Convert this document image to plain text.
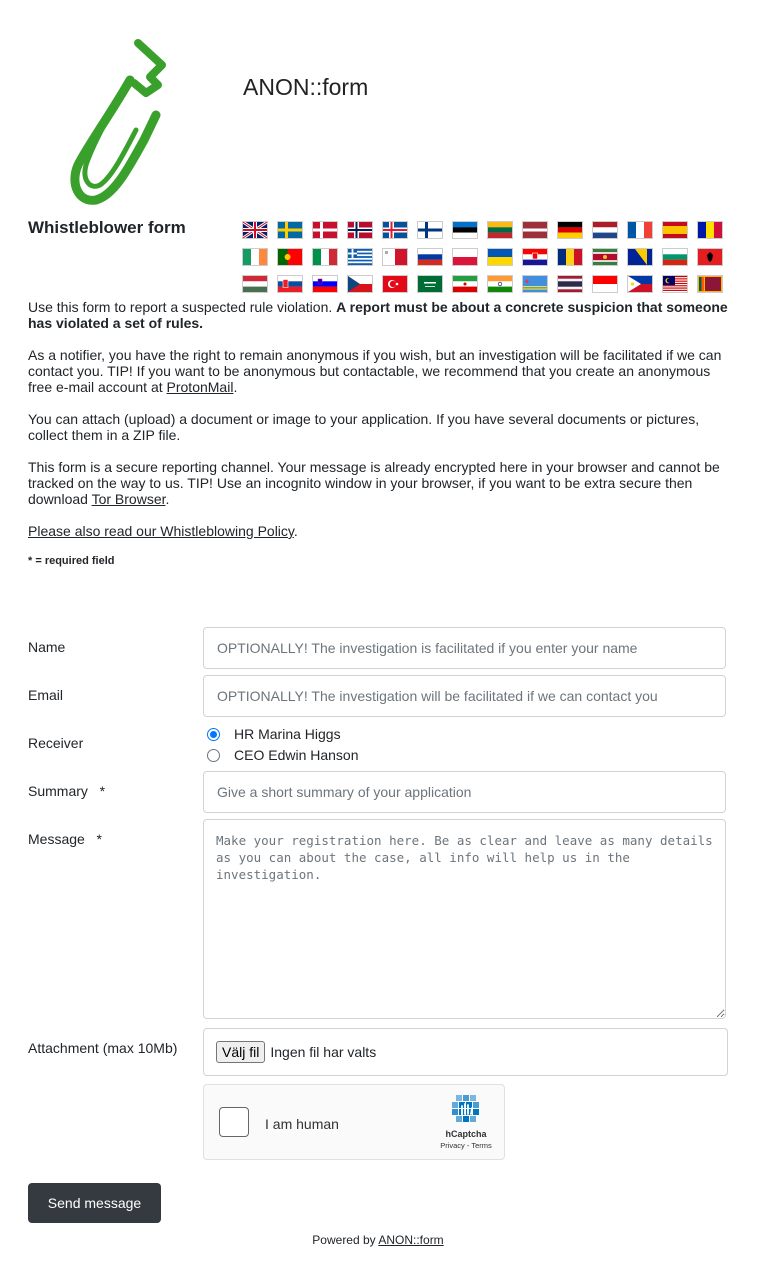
ANON::form
Whistleblower form

Use this form to report a suspected rule violation. A report must be about a concrete suspicion that someone has violated a set of rules.

As a notifier, you have the right to remain anonymous if you wish, but an investigation will be facilitated if we can contact you. TIP! If you want to be anonymous but contactable, we recommend that you create an anonymous free e-mail account at ProtonMail.

You can attach (upload) a document or image to your application. If you have several documents or pictures, collect them in a ZIP file.

This form is a secure reporting channel. Your message is already encrypted here in your browser and cannot be tracked on the way to us. TIP! Use an incognito window in your browser, if you want to be extra secure then download Tor Browser.

Please also read our Whistleblowing Policy.

* = required field
Name
OPTIONALLY! The investigation is facilitated if you enter your name
Email
OPTIONALLY! The investigation will be facilitated if we can contact you
Receiver
HR Marina Higgs
CEO Edwin Hanson
Summary   *
Give a short summary of your application
Message   *
Make your registration here. Be as clear and leave as many details as you can about the case, all info will help us in the investigation.
Attachment (max 10Mb)	Välj fil Ingen fil har valts
I am human
hCaptcha
Privacy - Terms
Send message
Powered by ANON::form
